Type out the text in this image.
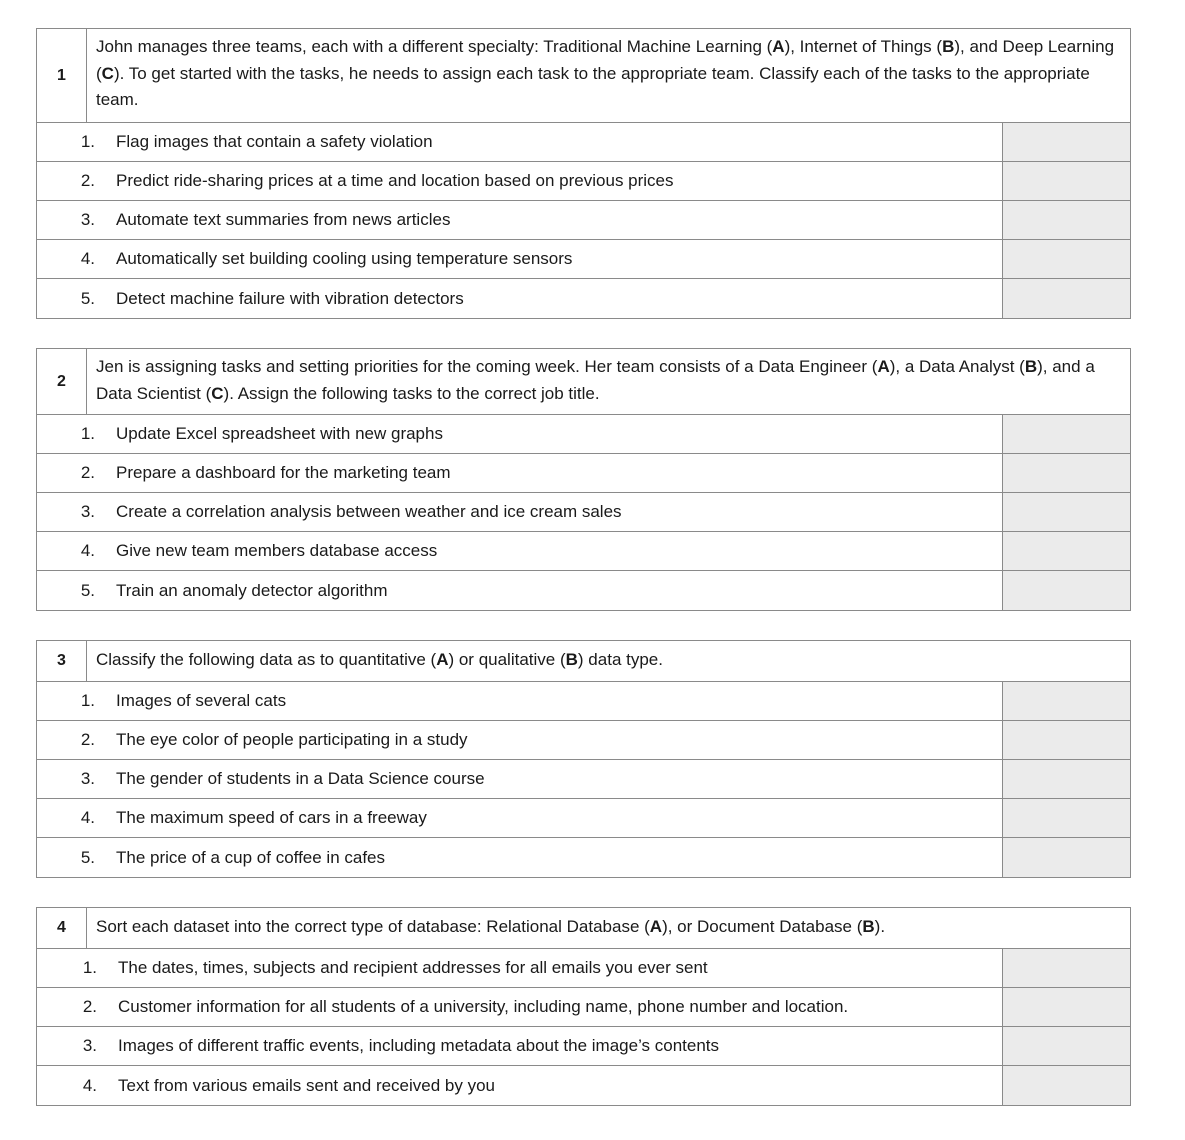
1
John manages three teams, each with a different specialty: Traditional Machine Learning (A), Internet of Things (B), and Deep Learning (C). To get started with the tasks, he needs to assign each task to the appropriate team. Classify each of the tasks to the appropriate team.
1.	Flag images that contain a safety violation
2.	Predict ride-sharing prices at a time and location based on previous prices
3.	Automate text summaries from news articles
4.	Automatically set building cooling using temperature sensors
5.	Detect machine failure with vibration detectors
2
Jen is assigning tasks and setting priorities for the coming week. Her team consists of a Data Engineer (A), a Data Analyst (B), and a Data Scientist (C). Assign the following tasks to the correct job title.
1.	Update Excel spreadsheet with new graphs
2.	Prepare a dashboard for the marketing team
3.	Create a correlation analysis between weather and ice cream sales
4.	Give new team members database access
5.	Train an anomaly detector algorithm
3	Classify the following data as to quantitative (A) or qualitative (B) data type.
1.	Images of several cats
2.	The eye color of people participating in a study
3.	The gender of students in a Data Science course
4.	The maximum speed of cars in a freeway
5.	The price of a cup of coffee in cafes
4	Sort each dataset into the correct type of database: Relational Database (A), or Document Database (B).
1.	The dates, times, subjects and recipient addresses for all emails you ever sent
2.	Customer information for all students of a university, including name, phone number and location.
3.	Images of different traffic events, including metadata about the image’s contents
4.	Text from various emails sent and received by you
